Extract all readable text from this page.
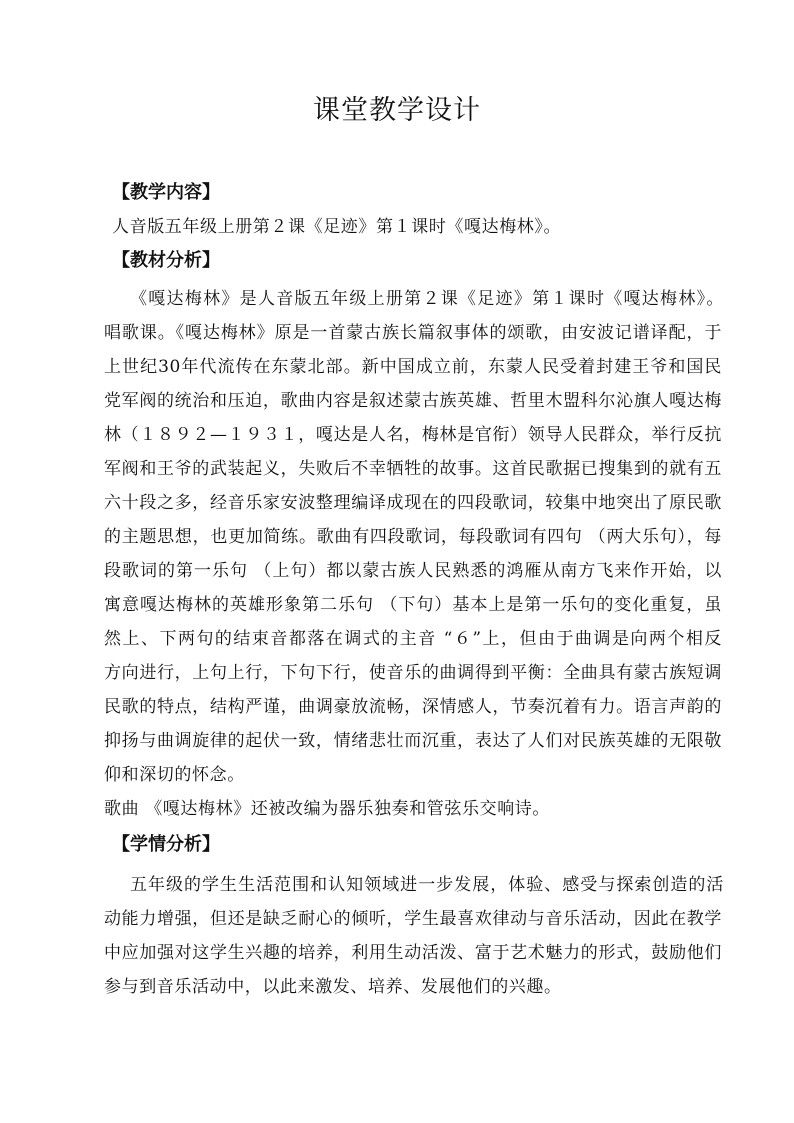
课堂教学设计
【教学内容】
人音版五年级上册第２课《足迹》第１课时《嘎达梅林》。
【教材分析】
《嘎达梅林》是人音版五年级上册第２课《足迹》第１课时《嘎达梅林》。
唱歌课。《嘎达梅林》原是一首蒙古族长篇叙事体的颂歌，由安波记谱译配，于
上世纪30年代流传在东蒙北部。新中国成立前，东蒙人民受着封建王爷和国民
党军阀的统治和压迫，歌曲内容是叙述蒙古族英雄、哲里木盟科尔沁旗人嘎达梅
林（１８９２—１９３１，嘎达是人名，梅林是官衔）领导人民群众，举行反抗
军阀和王爷的武装起义，失败后不幸牺牲的故事。这首民歌据已搜集到的就有五
六十段之多，经音乐家安波整理编译成现在的四段歌词，较集中地突出了原民歌
的主题思想，也更加简练。歌曲有四段歌词，每段歌词有四句 （两大乐句），每
段歌词的第一乐句 （上句）都以蒙古族人民熟悉的鸿雁从南方飞来作开始，以
寓意嘎达梅林的英雄形象第二乐句 （下句）基本上是第一乐句的变化重复，虽
然上、下两句的结束音都落在调式的主音 “６”上，但由于曲调是向两个相反
方向进行，上句上行，下句下行，使音乐的曲调得到平衡：全曲具有蒙古族短调
民歌的特点，结构严谨，曲调豪放流畅，深情感人，节奏沉着有力。语言声韵的
抑扬与曲调旋律的起伏一致，情绪悲壮而沉重，表达了人们对民族英雄的无限敬
仰和深切的怀念。
歌曲 《嘎达梅林》还被改编为器乐独奏和管弦乐交响诗。
【学情分析】
五年级的学生生活范围和认知领域进一步发展，体验、感受与探索创造的活
动能力增强，但还是缺乏耐心的倾听，学生最喜欢律动与音乐活动，因此在教学
中应加强对这学生兴趣的培养，利用生动活泼、富于艺术魅力的形式，鼓励他们
参与到音乐活动中，以此来激发、培养、发展他们的兴趣。
